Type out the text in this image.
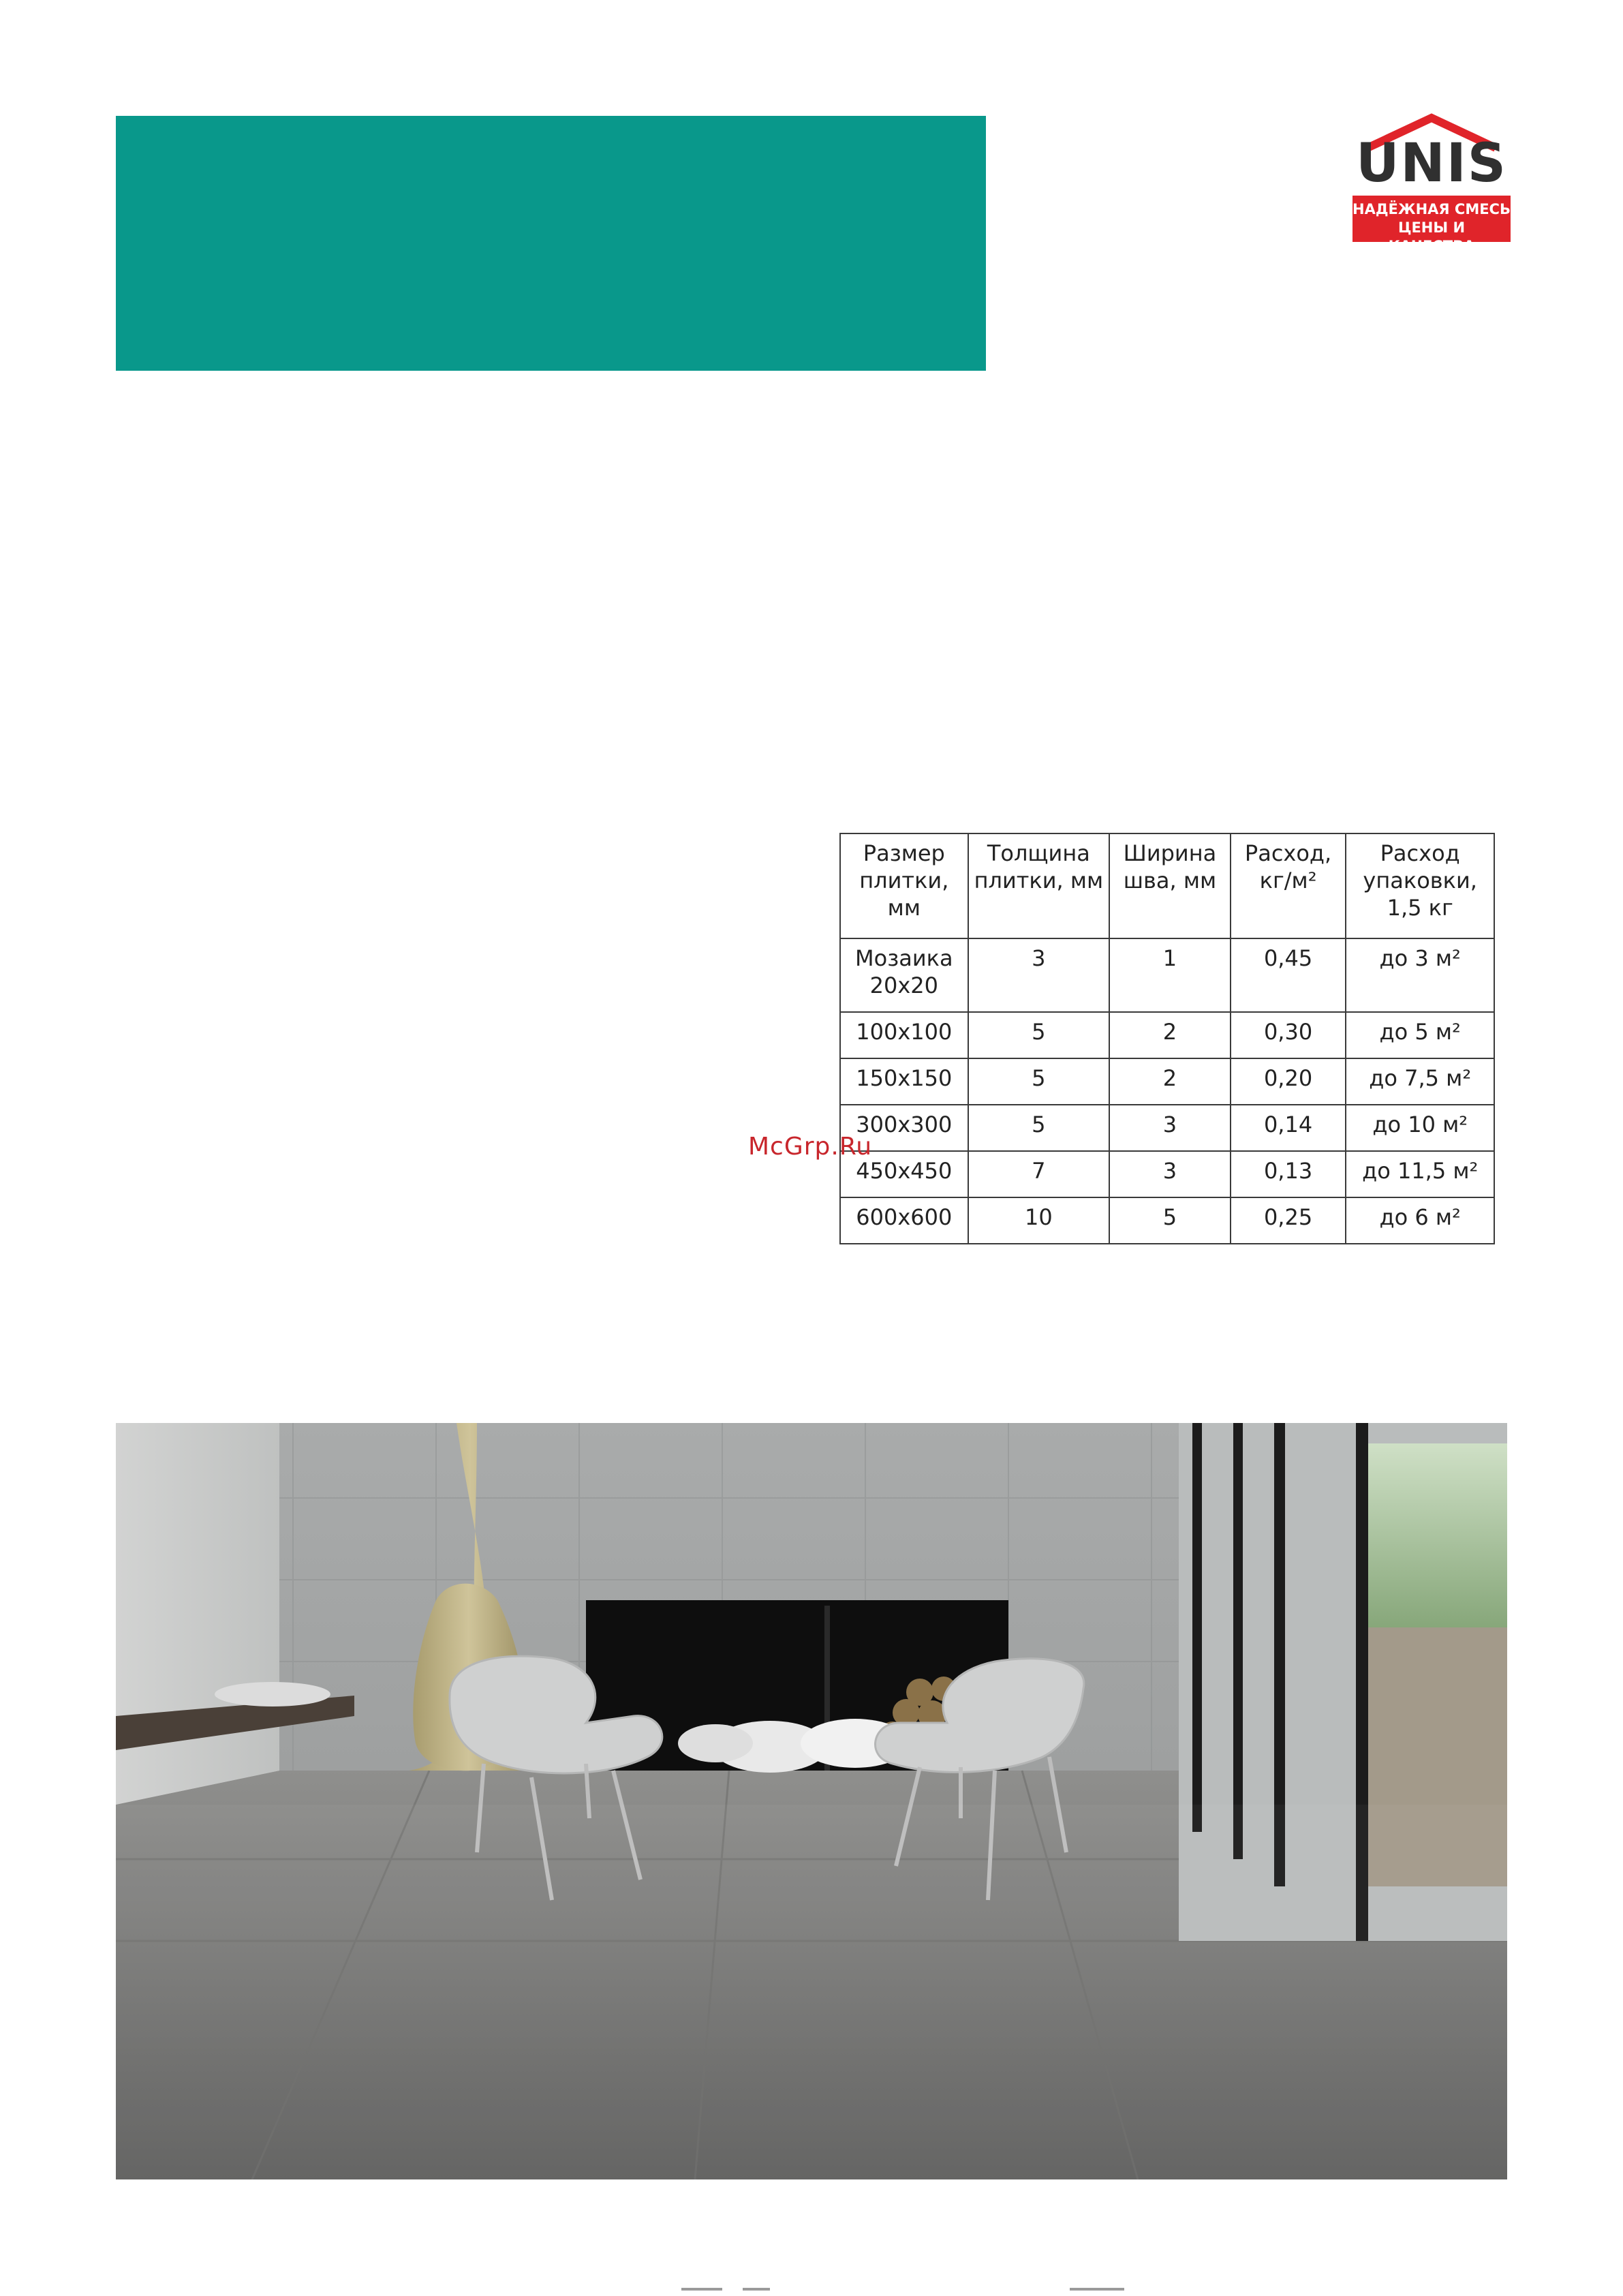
UNIS
НАДЁЖНАЯ СМЕСЬ
ЦЕНЫ И КАЧЕСТВА
Размер плитки, мм	Толщина плитки, мм	Ширина шва, мм	Расход, кг/м²	Расход упаковки, 1,5 кг
Мозаика 20х20	3	1	0,45	до 3 м²
100x100	5	2	0,30	до 5 м²
150x150	5	2	0,20	до 7,5 м²
300x300	5	3	0,14	до 10 м²
450x450	7	3	0,13	до 11,5 м²
600x600	10	5	0,25	до 6 м²
McGrp.Ru
